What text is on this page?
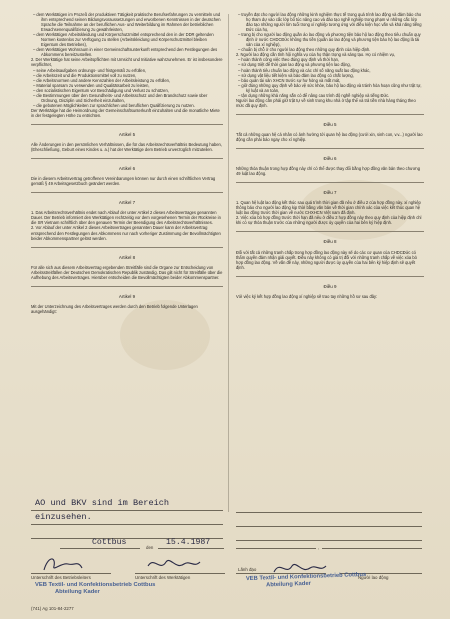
– dem Werktätigen im Prozeß der produktiven Tätigkeit praktische Berufserfahrungen zu vermitteln und ihm entsprechend seinen Bildungsvoraussetzungen und erworbenen Kenntnissen in der deutschen Sprache die Teilnahme an der beruflichen Aus- und Weiterbildung im Rahmen der betrieblichen Erwachsenenqualifizierung zu gewährleisten,

– dem Werktätigen Arbeitskleidung und Körperschutzmittel entsprechend den in der DDR geltenden Normen kostenlos zur Verfügung zu stellen (Arbeitskleidung und Körperschutzmittel bleiben Eigentum des Betriebes),

– dem Werktätigen Wohnraum in einer Gemeinschaftsunterkunft entsprechend den Festlegungen des Abkommens bereitzustellen.

2. Der Werktätige hat seine Arbeitspflichten mit Umsicht und Initiative wahrzunehmen. Er ist insbesondere verpflichtet,

– seine Arbeitsaufgaben ordnungs- und fristgemäß zu erfüllen,

– die Arbeitszeit und die Produktionsmittel voll zu nutzen,

– die Arbeitsnormen und andere Kennzahlen der Arbeitsleistung zu erfüllen,

– Material sparsam zu verwenden und Qualitätsarbeit zu leisten,

– den sozialistischen Eigentum vor Beschädigung und Verlust zu schützen,

– die Bestimmungen über den Gesundheits- und Arbeitsschutz und den Brandschutz sowie über Ordnung, Disziplin und Sicherheit einzuhalten,

– die gebotenen Möglichkeiten zur sprachlichen und beruflichen Qualifizierung zu nutzen.

Der Werktätige hat die Heimordnung der Gemeinschaftsunterkunft einzuhalten und die monatliche Miete in der festgelegten Höhe zu entrichten.

Artikel 5

Alle Änderungen in den persönlichen Verhältnissen, die für das Arbeitsrechtsverhältnis Bedeutung haben, (Eheschließung, Geburt eines Kindes u. a.) hat der Werktätige dem Betrieb unverzüglich mitzuteilen.

Artikel 6

Die in diesem Arbeitsvertrag getroffenen Vereinbarungen können nur durch einen schriftlichen Vertrag gemäß § 49 Arbeitsgesetzbuch geändert werden.

Artikel 7

1. Das Arbeitsrechtsverhältnis endet nach Ablauf der unter Artikel 2 dieses Arbeitsvertrages genannten Dauer. Der Betrieb informiert den Werktätigen rechtzeitig vor dem vorgesehenen Termin der Rückreise in die SR Vietnam schriftlich über den genauen Termin der Beendigung des Arbeitsrechtsverhältnisses.

2. Vor Ablauf der unter Artikel 2 dieses Arbeitsvertrages genannten Dauer kann der Arbeitsvertrag entsprechend den Festlegungen des Abkommens nur nach vorheriger Zustimmung der Bevollmächtigten beider Abkommenspartner gelöst werden.

Artikel 8

Für alle sich aus diesem Arbeitsvertrag ergebenden Streitfälle sind die Organe zur Entscheidung von Arbeitsstreitfällen der Deutschen Demokratischen Republik zuständig. Das gilt nicht für Streitfälle über die Aufhebung des Arbeitsvertrages. Hierüber entscheiden die Bevollmächtigten beider Abkommenspartner.

Artikel 9

Mit der Unterzeichnung des Arbeitsvertrages werden durch den Betrieb folgende Unterlagen ausgehändigt:

– truyền đạt cho người lao động những kinh nghiệm thực tế trong quá trình lao động và đảm bảo cho họ tham dự vào cấc lớp bổ túc nâng cao và đào tạo nghề nghiệp trong phạm vi những cấc lớp đào tạo những người lớn tuổi trong xí nghiệp tương ứng với điều kiện học vấn và khả năng tiếng Đức của họ,

– trang bị cho người lao động quần áo lao động và phương tiện bảo hộ lao động theo tiêu chuẩn quy định ở nước CHDCĐức không thu tiền (quần áo lao động và phương tiện bảo hộ lao động là tài sản của xí nghiệp),

– chuẩn bị chỗ ở cho người lao động theo những quy định của hiệp định.

2. Người lao động cần tỉnh hội nghĩa vụ của họ thận trọng và sáng tạo. Họ có nhiệm vụ,

– hoàn thành công việc theo đúng quy định và thời hạn,

– sử dụng triệt để thời gian lao động và phương tiện lao động,

– hoàn thành tiêu chuẩn lao động và các chỉ số năng suất lao động khác,

– sử dụng vật liệu tiết kiệm và bảo đảm lao động có chất lượng,

– bảo quản tài sản XHCN trước sự hư hỏng và mất mát,

– giữ đúng những quy định về bảo vệ sức khỏe, bảo hộ lao động và tránh hỏa hoạn cũng như trật tự, kỷ luật và an toàn,

– tận dụng những khả năng sẵn có để nâng cao trình độ nghề nghiệp và tiếng Đức.

Người lao động cần phải giữ trật tự về sinh trong khu nhà ở tập thể và trả tiền nhà hàng tháng theo mức đã quy định.

Điều 5

Tất cả những quan hệ cá nhân có ảnh hưởng tới quan hệ lao động (cưới xin, sinh con, v.v...) người lao động cần phải báo ngay cho xí nghiệp.

Điều 6

Những thỏa thuận trong hợp đồng này chỉ có thể được thay đổi bằng hợp đồng văn bản theo chương 49 luật lao động.

Điều 7

1. Quan hệ luật lao động kết thúc sau quá trình thời gian đã nêu ở điều 2 của hợp đồng này. xí nghiệp thông báo cho người lao động kịp thời bằng văn bản về thời gian chính xác của việc kết thúc quan hệ luật lao động trước thời gian về nước CHXHCN Việt nam đã định.

2. Việc xóa bỏ hợp đồng trước thời hạn đã nêu ở điều 2 hợp đồng này theo quy định của hiệp định chỉ khi có sự thỏa thuận trước của những người được ủy quyền của hai bên ký hiệp định.

Điều 8

Đối với tất cả những tranh chấp trong hợp đồng lao động này sẽ do các cơ quan của CHDCĐức có thẩm quyền đảm nhận giải quyết. Điều này không có giá trị đối với những tranh chấp về việc xóa bỏ hợp đồng lao động. Về vấn đề này, những người được ủy quyền của hai bên ký hiệp định sẽ quyết định.

Điều 9

Với việc ký kết hợp đồng lao động xí nghiệp sẽ trao tay những hồ sơ sau đây:

AO und BKV sind im Bereich
einzusehen.
Cottbus
den
15.4.1987
,
Unterschrift des Betriebsleiters	Unterschrift des Werktätigen
Lãnh đạo
Người lao động
VEB Textil- und Konfektionsbetrieb Cottbus
Abteilung Kader
VEB Textil- und Konfektionsbetrieb Cottbus
Abteilung Kader
(741) Ag 101-84-2277
